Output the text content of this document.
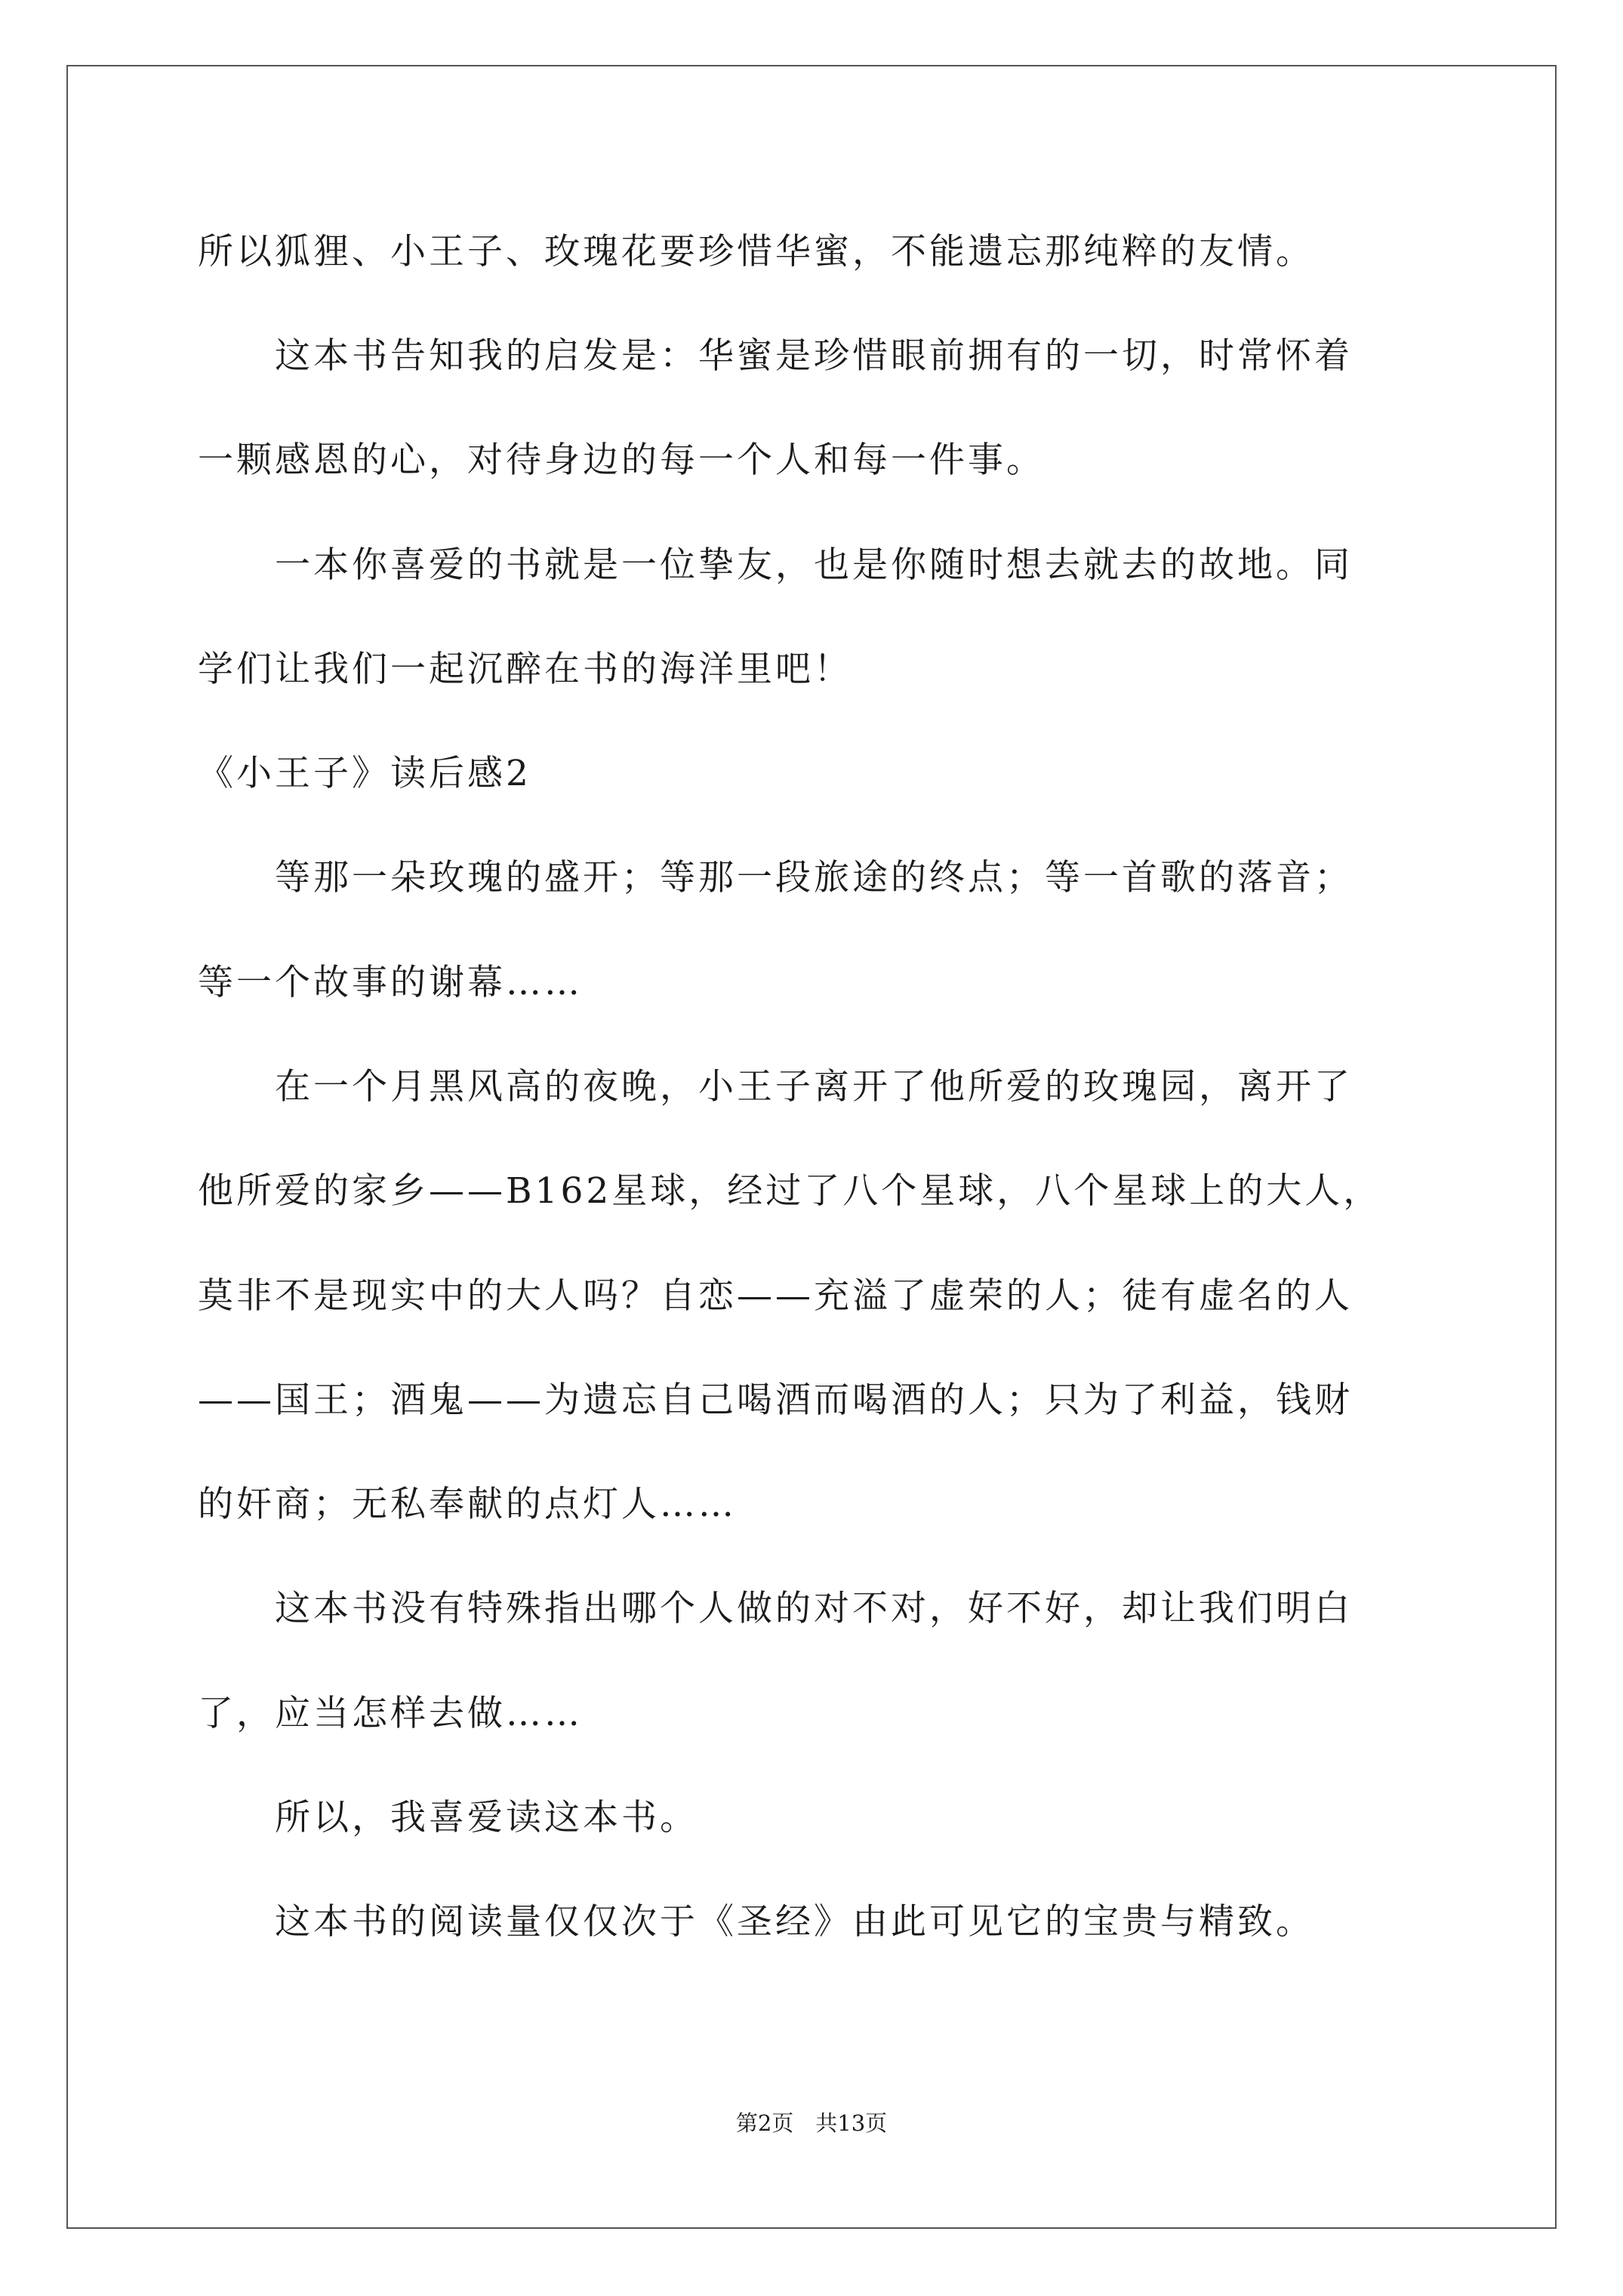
所以狐狸、小王子、玫瑰花要珍惜华蜜，不能遗忘那纯粹的友情。
　　这本书告知我的启发是：华蜜是珍惜眼前拥有的一切，时常怀着
一颗感恩的心，对待身边的每一个人和每一件事。
　　一本你喜爱的书就是一位挚友，也是你随时想去就去的故地。同
学们让我们一起沉醉在书的海洋里吧！
《小王子》读后感2
　　等那一朵玫瑰的盛开；等那一段旅途的终点；等一首歌的落音；
等一个故事的谢幕……
　　在一个月黑风高的夜晚，小王子离开了他所爱的玫瑰园，离开了
他所爱的家乡——B162星球，经过了八个星球，八个星球上的大人，
莫非不是现实中的大人吗？自恋——充溢了虚荣的人；徒有虚名的人
——国王；酒鬼——为遗忘自己喝酒而喝酒的人；只为了利益，钱财
的奸商；无私奉献的点灯人……
　　这本书没有特殊指出哪个人做的对不对，好不好，却让我们明白
了，应当怎样去做……
　　所以，我喜爱读这本书。
　　这本书的阅读量仅仅次于《圣经》由此可见它的宝贵与精致。
第2页　共13页
